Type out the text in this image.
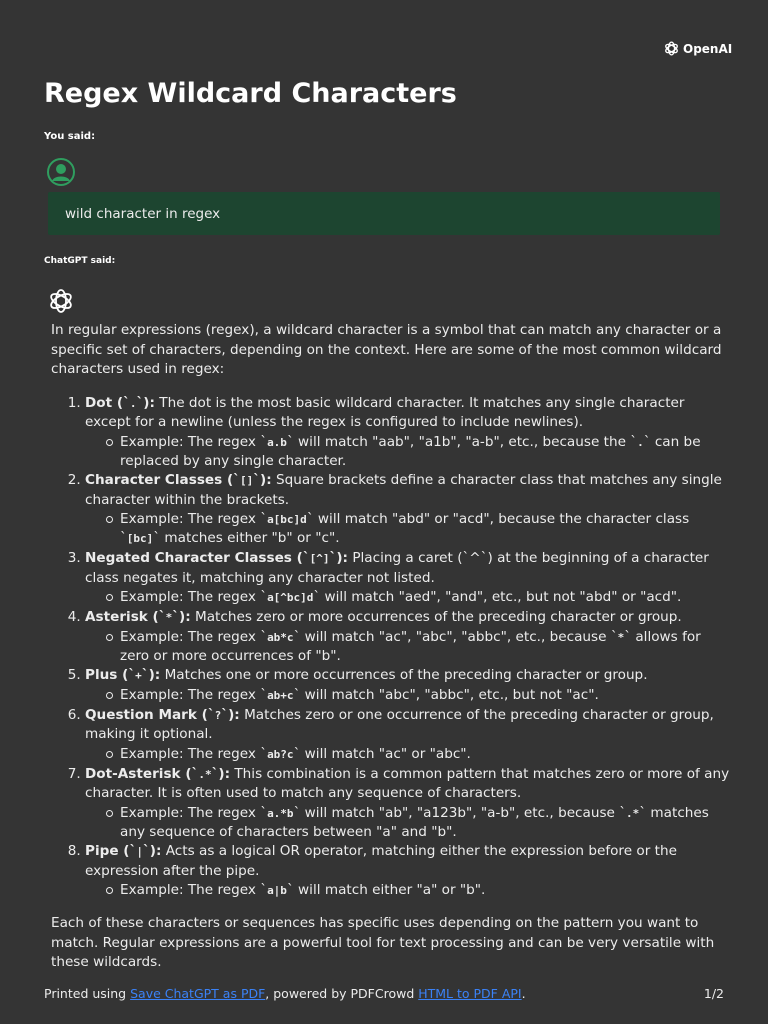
OpenAI
Regex Wildcard Characters
You said:
wild character in regex
ChatGPT said:

In regular expressions (regex), a wildcard character is a symbol that can match any character or a specific set of characters, depending on the context. Here are some of the most common wildcard characters used in regex:

1. Dot (`.`): The dot is the most basic wildcard character. It matches any single character except for a newline (unless the regex is configured to include newlines).
Example: The regex `a.b` will match "aab", "a1b", "a-b", etc., because the `.` can be replaced by any single character.
2. Character Classes (`[]`): Square brackets define a character class that matches any single character within the brackets.
Example: The regex `a[bc]d` will match "abd" or "acd", because the character class `[bc]` matches either "b" or "c".
3. Negated Character Classes (`[^]`): Placing a caret (`^`) at the beginning of a character class negates it, matching any character not listed.
Example: The regex `a[^bc]d` will match "aed", "and", etc., but not "abd" or "acd".
4. Asterisk (`*`): Matches zero or more occurrences of the preceding character or group.
Example: The regex `ab*c` will match "ac", "abc", "abbc", etc., because `*` allows for zero or more occurrences of "b".
5. Plus (`+`): Matches one or more occurrences of the preceding character or group.
Example: The regex `ab+c` will match "abc", "abbc", etc., but not "ac".
6. Question Mark (`?`): Matches zero or one occurrence of the preceding character or group, making it optional.
Example: The regex `ab?c` will match "ac" or "abc".
7. Dot-Asterisk (`.*`): This combination is a common pattern that matches zero or more of any character. It is often used to match any sequence of characters.
Example: The regex `a.*b` will match "ab", "a123b", "a-b", etc., because `.*` matches any sequence of characters between "a" and "b".
8. Pipe (`|`): Acts as a logical OR operator, matching either the expression before or the expression after the pipe.
Example: The regex `a|b` will match either "a" or "b".

Each of these characters or sequences has specific uses depending on the pattern you want to match. Regular expressions are a powerful tool for text processing and can be very versatile with these wildcards.

Printed using Save ChatGPT as PDF, powered by PDFCrowd HTML to PDF API.	1/2
